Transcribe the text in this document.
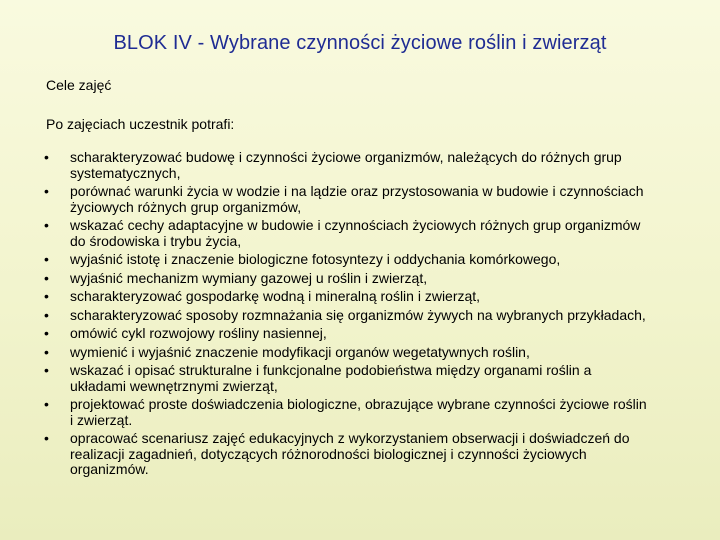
BLOK IV - Wybrane czynności życiowe roślin i zwierząt
Cele zajęć
Po zajęciach uczestnik potrafi:
• scharakteryzować budowę i czynności życiowe organizmów, należących do różnych grup systematycznych,
• porównać warunki życia w wodzie i na lądzie oraz przystosowania w budowie i czynnościach życiowych różnych grup organizmów,
• wskazać cechy adaptacyjne w budowie i czynnościach życiowych różnych grup organizmów do środowiska i trybu życia,
• wyjaśnić istotę i znaczenie biologiczne fotosyntezy i oddychania komórkowego,
• wyjaśnić mechanizm wymiany gazowej u roślin i zwierząt,
• scharakteryzować gospodarkę wodną i mineralną roślin i zwierząt,
• scharakteryzować sposoby rozmnażania się organizmów żywych na wybranych przykładach,
• omówić cykl rozwojowy rośliny nasiennej,
• wymienić i wyjaśnić znaczenie modyfikacji organów wegetatywnych roślin,
• wskazać i opisać strukturalne i funkcjonalne podobieństwa między organami roślin a układami wewnętrznymi zwierząt,
• projektować proste doświadczenia biologiczne, obrazujące wybrane czynności życiowe roślin i zwierząt.
• opracować scenariusz zajęć edukacyjnych z wykorzystaniem obserwacji i doświadczeń do realizacji zagadnień, dotyczących różnorodności biologicznej i czynności życiowych organizmów.
